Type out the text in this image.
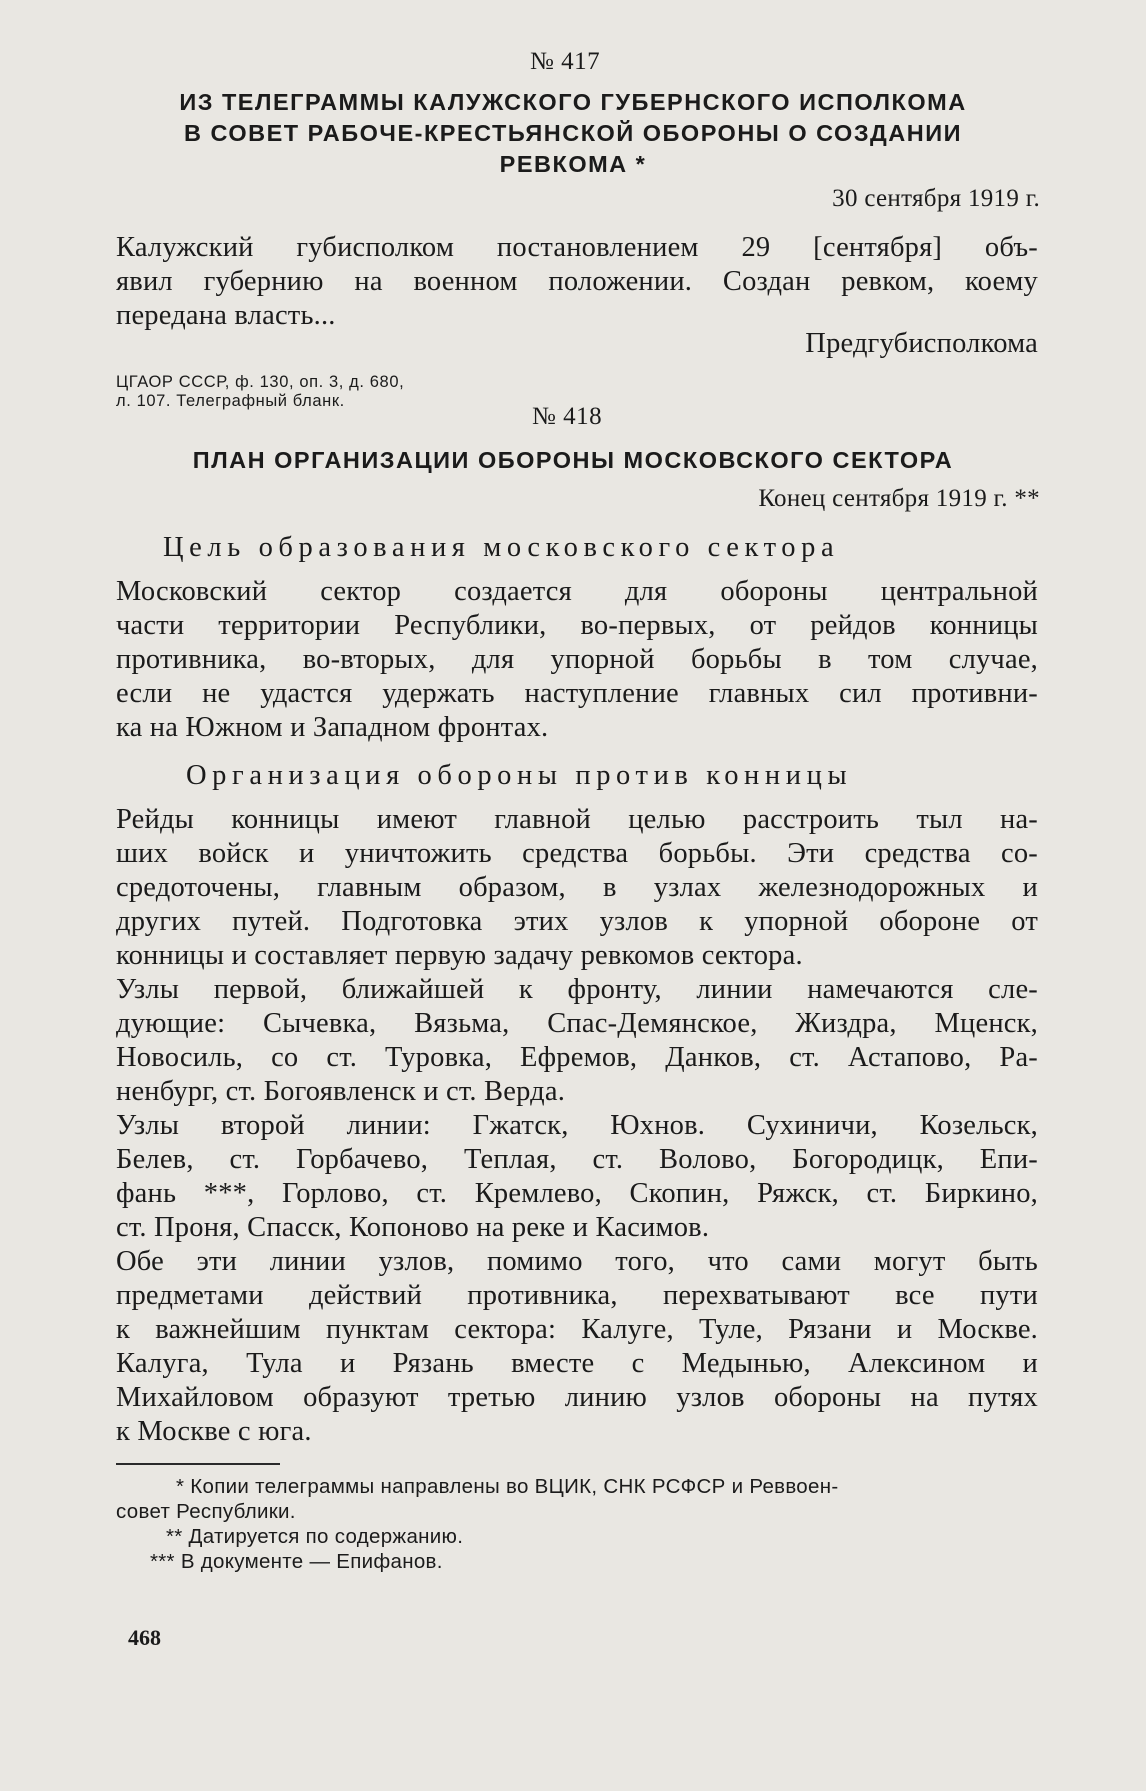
№ 417
ИЗ ТЕЛЕГРАММЫ КАЛУЖСКОГО ГУБЕРНСКОГО ИСПОЛКОМА
В СОВЕТ РАБОЧЕ-КРЕСТЬЯНСКОЙ ОБОРОНЫ О СОЗДАНИИ
РЕВКОМА *
30 сентября 1919 г.
Калужский губисполком постановлением 29 [сентября] объ-
явил губернию на военном положении. Создан ревком, коему
передана власть...
Предгубисполкома
ЦГАОР СССР, ф. 130, оп. 3, д. 680,
л. 107. Телеграфный бланк.
№ 418
ПЛАН ОРГАНИЗАЦИИ ОБОРОНЫ МОСКОВСКОГО СЕКТОРА
Конец сентября 1919 г. **
Цель образования московского сектора
Московский сектор создается для обороны центральной
части территории Республики, во-первых, от рейдов конницы
противника, во-вторых, для упорной борьбы в том случае,
если не удастся удержать наступление главных сил противни-
ка на Южном и Западном фронтах.
Организация обороны против конницы
Рейды конницы имеют главной целью расстроить тыл на-
ших войск и уничтожить средства борьбы. Эти средства со-
средоточены, главным образом, в узлах железнодорожных и
других путей. Подготовка этих узлов к упорной обороне от
конницы и составляет первую задачу ревкомов сектора.
Узлы первой, ближайшей к фронту, линии намечаются сле-
дующие: Сычевка, Вязьма, Спас-Демянское, Жиздра, Мценск,
Новосиль, со ст. Туровка, Ефремов, Данков, ст. Астапово, Ра-
ненбург, ст. Богоявленск и ст. Верда.
Узлы второй линии: Гжатск, Юхнов. Сухиничи, Козельск,
Белев, ст. Горбачево, Теплая, ст. Волово, Богородицк, Епи-
фань ***, Горлово, ст. Кремлево, Скопин, Ряжск, ст. Биркино,
ст. Проня, Спасск, Копоново на реке и Касимов.
Обе эти линии узлов, помимо того, что сами могут быть
предметами действий противника, перехватывают все пути
к важнейшим пунктам сектора: Калуге, Туле, Рязани и Москве.
Калуга, Тула и Рязань вместе с Медынью, Алексином и
Михайловом образуют третью линию узлов обороны на путях
к Москве с юга.
* Копии телеграммы направлены во ВЦИК, СНК РСФСР и Реввоен-
совет Республики.
** Датируется по содержанию.
*** В документе — Епифанов.
468
